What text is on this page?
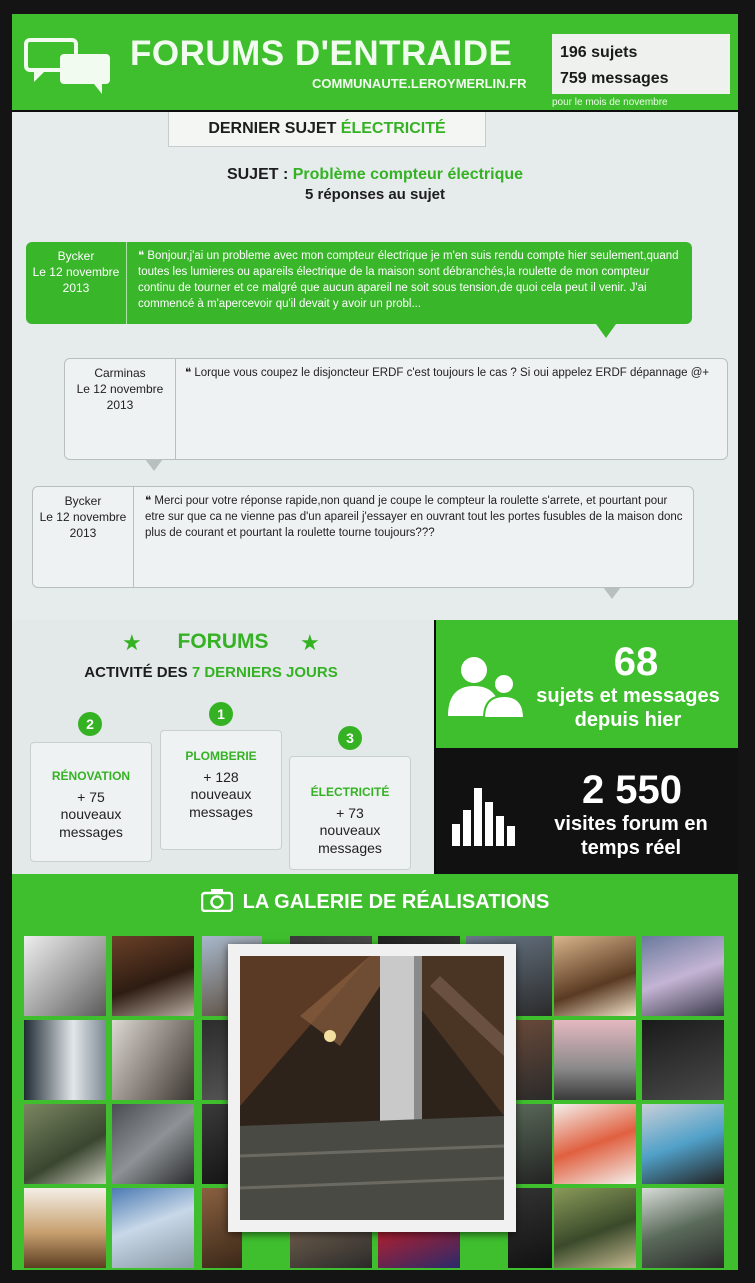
FORUMS D'ENTRAIDE
COMMUNAUTE.LEROYMERLIN.FR
196 sujets
759 messages
pour le mois de novembre
DERNIER SUJET ÉLECTRICITÉ
SUJET : Problème compteur électrique
5 réponses au sujet
Bycker
Le 12 novembre 2013
❝ Bonjour,j'ai un probleme avec mon compteur électrique je m'en suis rendu compte hier seulement,quand toutes les lumieres ou apareils électrique de la maison sont débranchés,la roulette de mon compteur continu de tourner et ce malgré que aucun apareil ne soit sous tension,de quoi cela peut il venir. J'ai commencé à m'apercevoir qu'il devait y avoir un probl...
Carminas
Le 12 novembre 2013
❝ Lorque vous coupez le disjoncteur ERDF c'est toujours le cas ? Si oui appelez ERDF dépannage @+
Bycker
Le 12 novembre 2013
❝ Merci pour votre réponse rapide,non quand je coupe le compteur la roulette s'arrete, et pourtant pour etre sur que ca ne vienne pas d'un apareil j'essayer en ouvrant tout les portes fusubles de la maison donc plus de courant et pourtant la roulette tourne toujours???
★	FORUMS	★
ACTIVITÉ DES 7 DERNIERS JOURS
2
RÉNOVATION
+ 75
nouveaux messages
1
PLOMBERIE
+ 128
nouveaux messages
3
ÉLECTRICITÉ
+ 73
nouveaux messages
68
sujets et messages depuis hier
2 550
visites forum en temps réel
LA GALERIE DE RÉALISATIONS
